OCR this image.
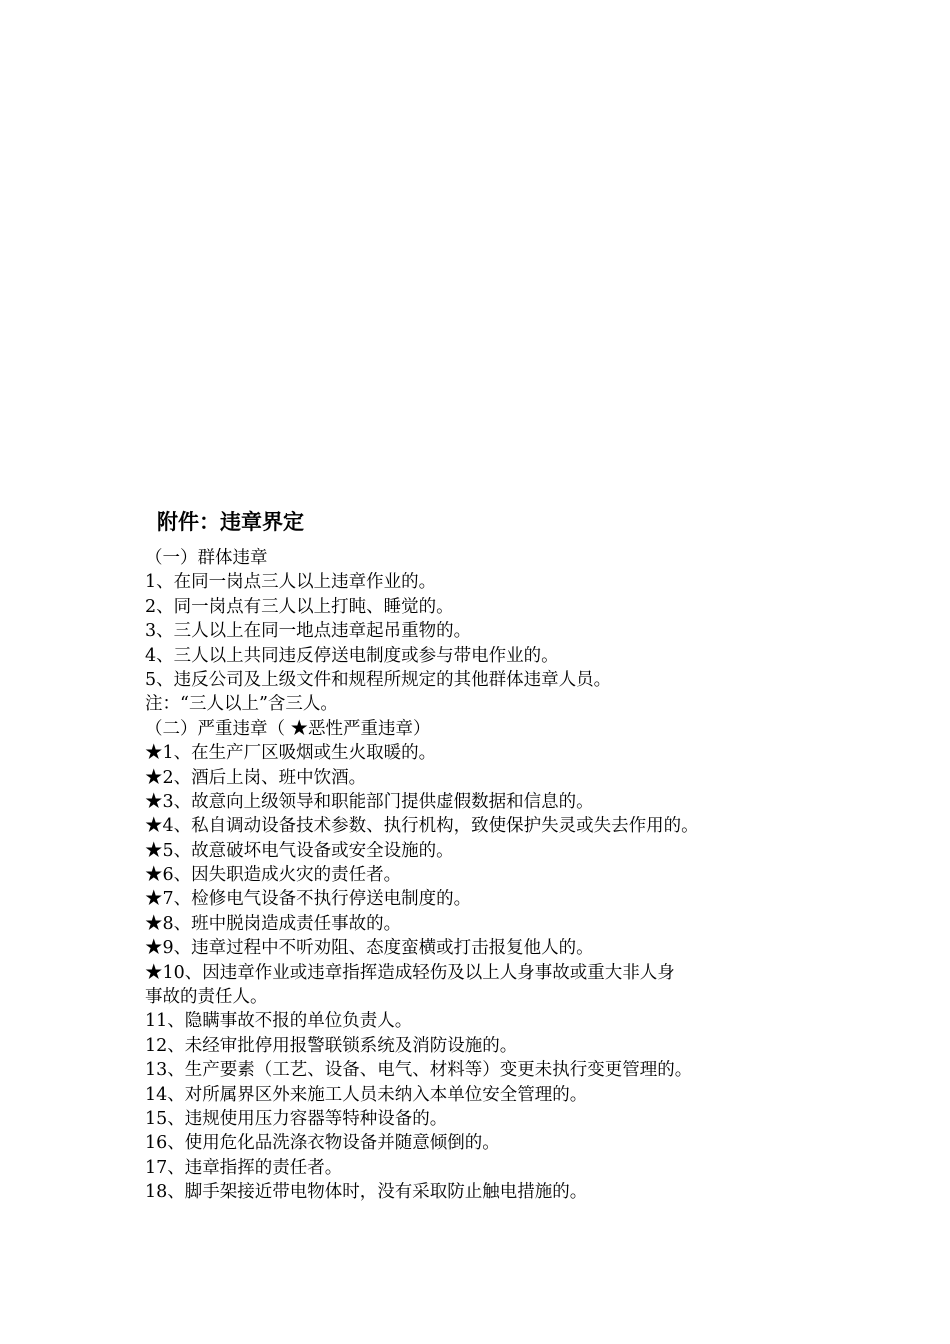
附件：违章界定
（一）群体违章
1、在同一岗点三人以上违章作业的。
2、同一岗点有三人以上打盹、睡觉的。
3、三人以上在同一地点违章起吊重物的。
4、三人以上共同违反停送电制度或参与带电作业的。
5、违反公司及上级文件和规程所规定的其他群体违章人员。
注：“三人以上”含三人。
（二）严重违章（ ★恶性严重违章）
★1、在生产厂区吸烟或生火取暖的。
★2、酒后上岗、班中饮酒。
★3、故意向上级领导和职能部门提供虚假数据和信息的。
★4、私自调动设备技术参数、执行机构，致使保护失灵或失去作用的。
★5、故意破坏电气设备或安全设施的。
★6、因失职造成火灾的责任者。
★7、检修电气设备不执行停送电制度的。
★8、班中脱岗造成责任事故的。
★9、违章过程中不听劝阻、态度蛮横或打击报复他人的。
★10、因违章作业或违章指挥造成轻伤及以上人身事故或重大非人身
事故的责任人。
11、隐瞒事故不报的单位负责人。
12、未经审批停用报警联锁系统及消防设施的。
13、生产要素（工艺、设备、电气、材料等）变更未执行变更管理的。
14、对所属界区外来施工人员未纳入本单位安全管理的。
15、违规使用压力容器等特种设备的。
16、使用危化品洗涤衣物设备并随意倾倒的。
17、违章指挥的责任者。
18、脚手架接近带电物体时，没有采取防止触电措施的。
